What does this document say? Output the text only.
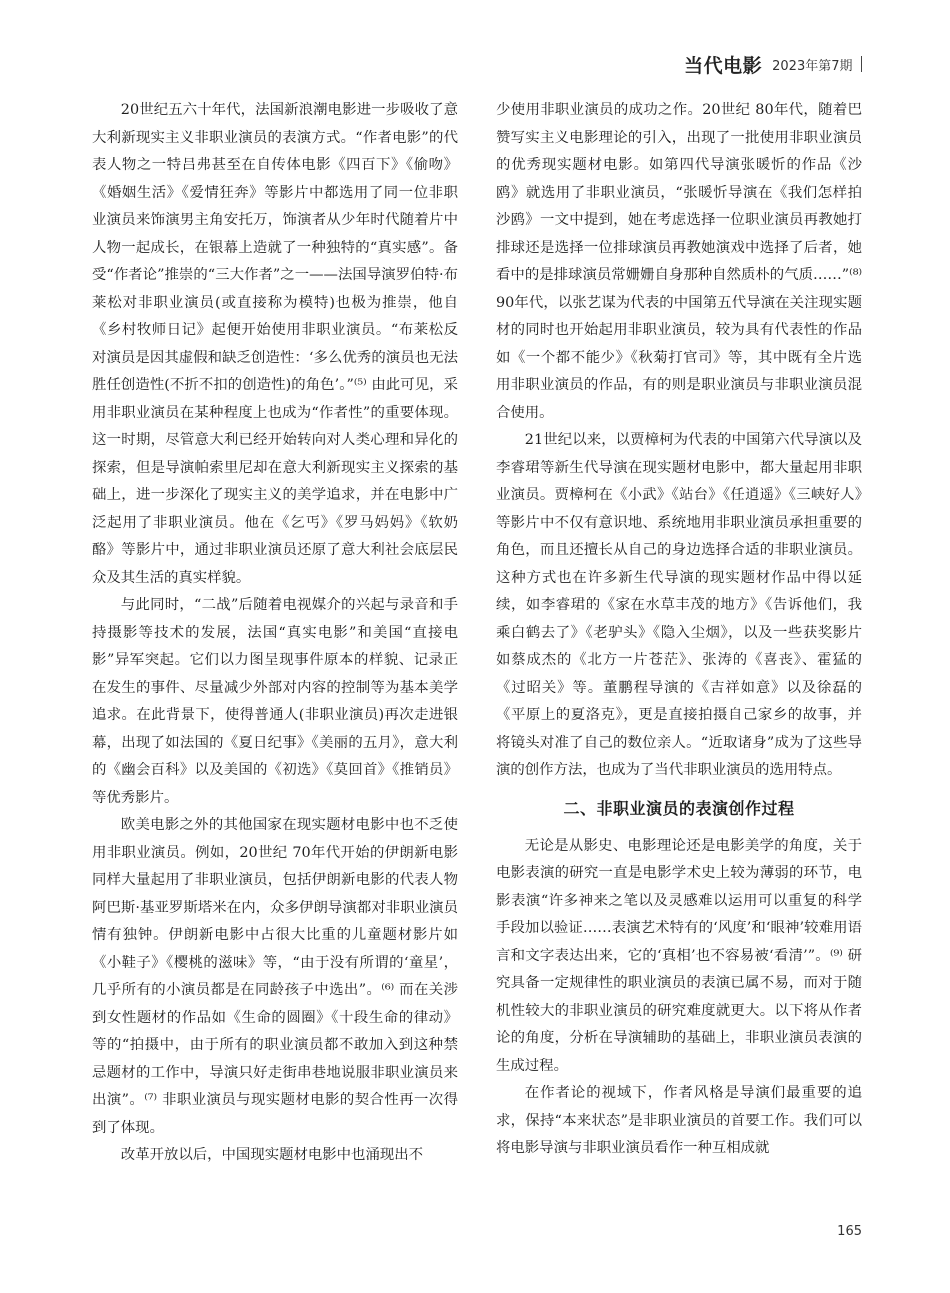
当代电影 2023年第7期

20世纪五六十年代，法国新浪潮电影进一步吸收了意大利新现实主义非职业演员的表演方式。“作者电影”的代表人物之一特吕弗甚至在自传体电影《四百下》《偷吻》《婚姻生活》《爱情狂奔》等影片中都选用了同一位非职业演员来饰演男主角安托万，饰演者从少年时代随着片中人物一起成长，在银幕上造就了一种独特的“真实感”。备受“作者论”推崇的“三大作者”之一——法国导演罗伯特·布莱松对非职业演员(或直接称为模特)也极为推崇，他自《乡村牧师日记》起便开始使用非职业演员。“布莱松反对演员是因其虚假和缺乏创造性：‘多么优秀的演员也无法胜任创造性(不折不扣的创造性)的角色’。”⁽⁵⁾ 由此可见，采用非职业演员在某种程度上也成为“作者性”的重要体现。这一时期，尽管意大利已经开始转向对人类心理和异化的探索，但是导演帕索里尼却在意大利新现实主义探索的基础上，进一步深化了现实主义的美学追求，并在电影中广泛起用了非职业演员。他在《乞丐》《罗马妈妈》《软奶酪》等影片中，通过非职业演员还原了意大利社会底层民众及其生活的真实样貌。

与此同时，“二战”后随着电视媒介的兴起与录音和手持摄影等技术的发展，法国“真实电影”和美国“直接电影”异军突起。它们以力图呈现事件原本的样貌、记录正在发生的事件、尽量减少外部对内容的控制等为基本美学追求。在此背景下，使得普通人(非职业演员)再次走进银幕，出现了如法国的《夏日纪事》《美丽的五月》，意大利的《幽会百科》以及美国的《初选》《莫回首》《推销员》等优秀影片。

欧美电影之外的其他国家在现实题材电影中也不乏使用非职业演员。例如，20世纪 70年代开始的伊朗新电影同样大量起用了非职业演员，包括伊朗新电影的代表人物阿巴斯·基亚罗斯塔米在内，众多伊朗导演都对非职业演员情有独钟。伊朗新电影中占很大比重的儿童题材影片如《小鞋子》《樱桃的滋味》等，“由于没有所谓的‘童星’，几乎所有的小演员都是在同龄孩子中选出”。⁽⁶⁾ 而在关涉到女性题材的作品如《生命的圆圈》《十段生命的律动》等的“拍摄中，由于所有的职业演员都不敢加入到这种禁忌题材的工作中，导演只好走街串巷地说服非职业演员来出演”。⁽⁷⁾ 非职业演员与现实题材电影的契合性再一次得到了体现。

改革开放以后，中国现实题材电影中也涌现出不

少使用非职业演员的成功之作。20世纪 80年代，随着巴赞写实主义电影理论的引入，出现了一批使用非职业演员的优秀现实题材电影。如第四代导演张暖忻的作品《沙鸥》就选用了非职业演员，“张暖忻导演在《我们怎样拍沙鸥》一文中提到，她在考虑选择一位职业演员再教她打排球还是选择一位排球演员再教她演戏中选择了后者，她看中的是排球演员常姗姗自身那种自然质朴的气质……”⁽⁸⁾ 90年代，以张艺谋为代表的中国第五代导演在关注现实题材的同时也开始起用非职业演员，较为具有代表性的作品如《一个都不能少》《秋菊打官司》等，其中既有全片选用非职业演员的作品，有的则是职业演员与非职业演员混合使用。

21世纪以来，以贾樟柯为代表的中国第六代导演以及李睿珺等新生代导演在现实题材电影中，都大量起用非职业演员。贾樟柯在《小武》《站台》《任逍遥》《三峡好人》等影片中不仅有意识地、系统地用非职业演员承担重要的角色，而且还擅长从自己的身边选择合适的非职业演员。这种方式也在许多新生代导演的现实题材作品中得以延续，如李睿珺的《家在水草丰茂的地方》《告诉他们，我乘白鹤去了》《老驴头》《隐入尘烟》，以及一些获奖影片如蔡成杰的《北方一片苍茫》、张涛的《喜丧》、霍猛的《过昭关》等。董鹏程导演的《吉祥如意》以及徐磊的《平原上的夏洛克》，更是直接拍摄自己家乡的故事，并将镜头对准了自己的数位亲人。“近取诸身”成为了这些导演的创作方法，也成为了当代非职业演员的选用特点。

二、非职业演员的表演创作过程

无论是从影史、电影理论还是电影美学的角度，关于电影表演的研究一直是电影学术史上较为薄弱的环节，电影表演“许多神来之笔以及灵感难以运用可以重复的科学手段加以验证……表演艺术特有的‘风度’和‘眼神’较难用语言和文字表达出来，它的‘真相’也不容易被‘看清’”。⁽⁹⁾ 研究具备一定规律性的职业演员的表演已属不易，而对于随机性较大的非职业演员的研究难度就更大。以下将从作者论的角度，分析在导演辅助的基础上，非职业演员表演的生成过程。

在作者论的视域下，作者风格是导演们最重要的追求，保持“本来状态”是非职业演员的首要工作。我们可以将电影导演与非职业演员看作一种互相成就

165
